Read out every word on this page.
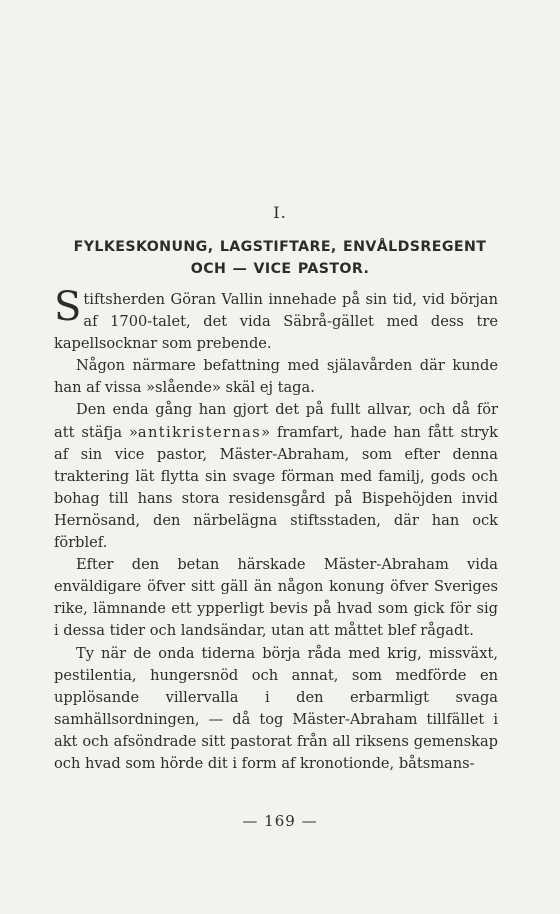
I.
FYLKESKONUNG, LAGSTIFTARE, ENVÅLDSREGENT
OCH — VICE PASTOR.

Stiftsherden Göran Vallin innehade på sin tid, vid början af 1700-talet, det vida Säbrå-gället med dess tre kapellsocknar som prebende.

Någon närmare befattning med själavården där kunde han af vissa »slående» skäl ej taga.

Den enda gång han gjort det på fullt allvar, och då för att stäfja »antikristernas» framfart, hade han fått stryk af sin vice pastor, Mäster-Abraham, som efter denna traktering lät flytta sin svage förman med familj, gods och bohag till hans stora residensgård på Bispehöjden invid Hernösand, den närbelägna stiftsstaden, där han ock förblef.

Efter den betan härskade Mäster-Abraham vida enväldigare öfver sitt gäll än någon konung öfver Sveriges rike, lämnande ett ypperligt bevis på hvad som gick för sig i dessa tider och landsändar, utan att måttet blef rågadt.

Ty när de onda tiderna börja råda med krig, missväxt, pestilentia, hungersnöd och annat, som medförde en upplösande villervalla i den erbarmligt svaga samhällsordningen, — då tog Mäster-Abraham tillfället i akt och afsöndrade sitt pastorat från all riksens gemenskap och hvad som hörde dit i form af kronotionde, båtsmans-

— 169 —
